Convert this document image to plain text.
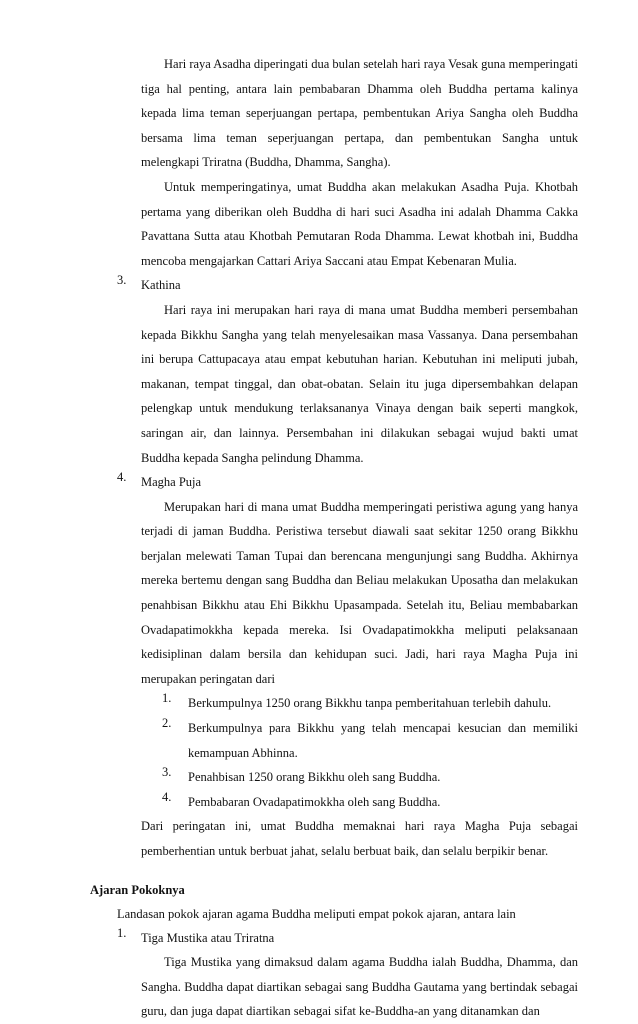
Hari raya Asadha diperingati dua bulan setelah hari raya Vesak guna memperingati tiga hal penting, antara lain pembabaran Dhamma oleh Buddha pertama kalinya kepada lima teman seperjuangan pertapa, pembentukan Ariya Sangha oleh Buddha bersama lima teman seperjuangan pertapa, dan pembentukan Sangha untuk melengkapi Triratna (Buddha, Dhamma, Sangha).
Untuk memperingatinya, umat Buddha akan melakukan Asadha Puja. Khotbah pertama yang diberikan oleh Buddha di hari suci Asadha ini adalah Dhamma Cakka Pavattana Sutta atau Khotbah Pemutaran Roda Dhamma. Lewat khotbah ini, Buddha mencoba mengajarkan Cattari Ariya Saccani atau Empat Kebenaran Mulia.
3. Kathina
Hari raya ini merupakan hari raya di mana umat Buddha memberi persembahan kepada Bikkhu Sangha yang telah menyelesaikan masa Vassanya. Dana persembahan ini berupa Cattupacaya atau empat kebutuhan harian. Kebutuhan ini meliputi jubah, makanan, tempat tinggal, dan obat-obatan. Selain itu juga dipersembahkan delapan pelengkap untuk mendukung terlaksananya Vinaya dengan baik seperti mangkok, saringan air, dan lainnya. Persembahan ini dilakukan sebagai wujud bakti umat Buddha kepada Sangha pelindung Dhamma.
4. Magha Puja
Merupakan hari di mana umat Buddha memperingati peristiwa agung yang hanya terjadi di jaman Buddha. Peristiwa tersebut diawali saat sekitar 1250 orang Bikkhu berjalan melewati Taman Tupai dan berencana mengunjungi sang Buddha. Akhirnya mereka bertemu dengan sang Buddha dan Beliau melakukan Uposatha dan melakukan penahbisan Bikkhu atau Ehi Bikkhu Upasampada. Setelah itu, Beliau membabarkan Ovadapatimokkha kepada mereka. Isi Ovadapatimokkha meliputi pelaksanaan kedisiplinan dalam bersila dan kehidupan suci. Jadi, hari raya Magha Puja ini merupakan peringatan dari
1. Berkumpulnya 1250 orang Bikkhu tanpa pemberitahuan terlebih dahulu.
2. Berkumpulnya para Bikkhu yang telah mencapai kesucian dan memiliki kemampuan Abhinna.
3. Penahbisan 1250 orang Bikkhu oleh sang Buddha.
4. Pembabaran Ovadapatimokkha oleh sang Buddha.
Dari peringatan ini, umat Buddha memaknai hari raya Magha Puja sebagai pemberhentian untuk berbuat jahat, selalu berbuat baik, dan selalu berpikir benar.
Ajaran Pokoknya
Landasan pokok ajaran agama Buddha meliputi empat pokok ajaran, antara lain
1. Tiga Mustika atau Triratna
Tiga Mustika yang dimaksud dalam agama Buddha ialah Buddha, Dhamma, dan Sangha. Buddha dapat diartikan sebagai sang Buddha Gautama yang bertindak sebagai guru, dan juga dapat diartikan sebagai sifat ke-Buddha-an yang ditanamkan dan
